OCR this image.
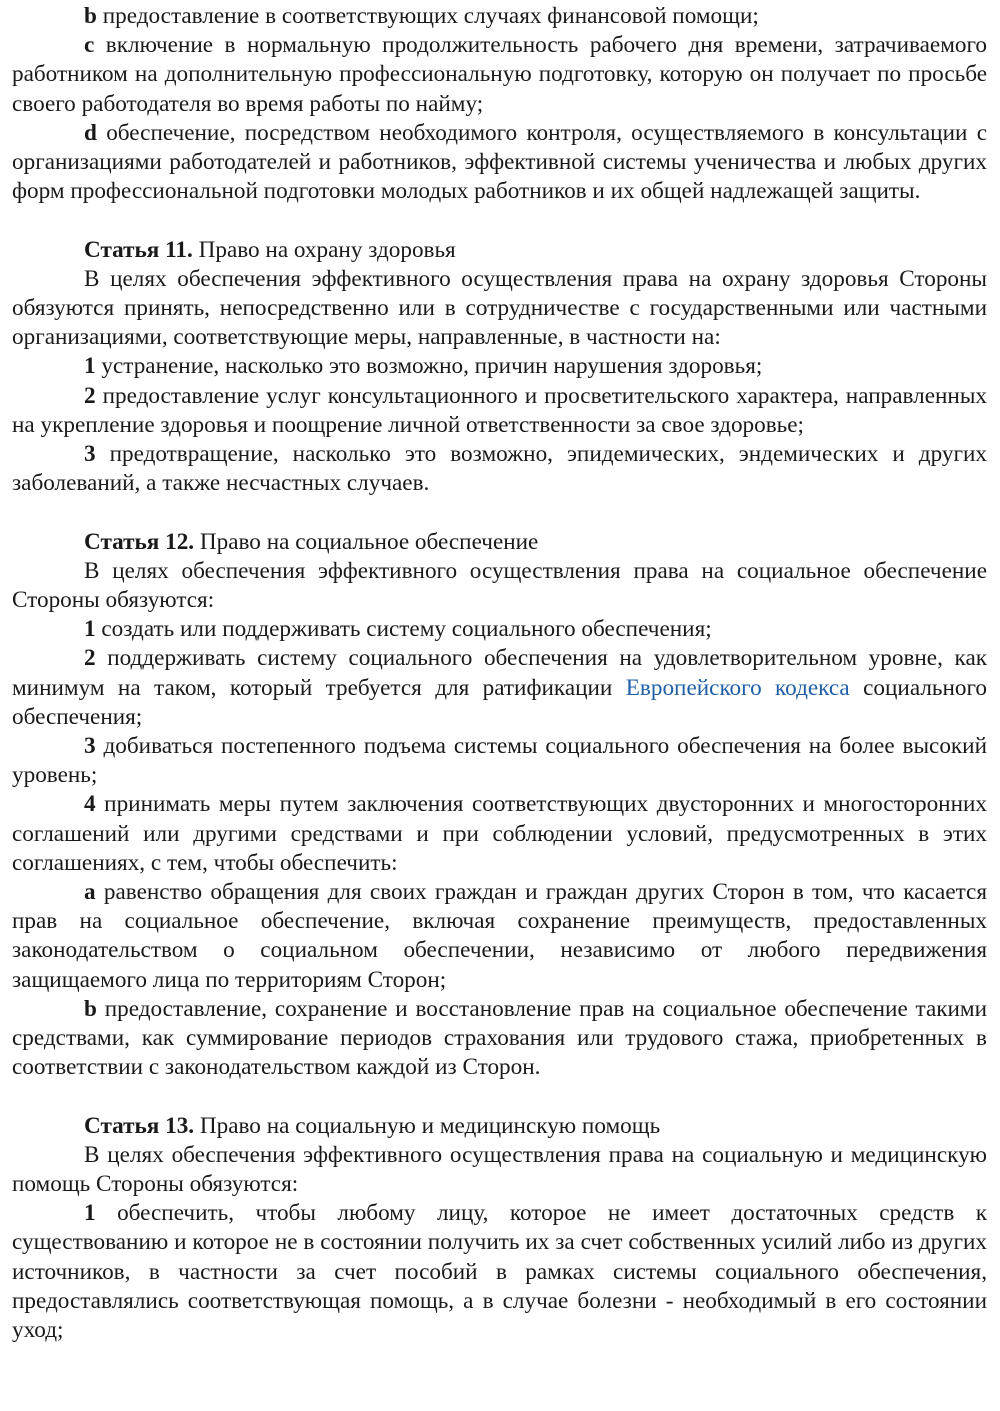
b предоставление в соответствующих случаях финансовой помощи;

c включение в нормальную продолжительность рабочего дня времени, затрачиваемого работником на дополнительную профессиональную подготовку, которую он получает по просьбе своего работодателя во время работы по найму;

d обеспечение, посредством необходимого контроля, осуществляемого в консультации с организациями работодателей и работников, эффективной системы ученичества и любых других форм профессиональной подготовки молодых работников и их общей надлежащей защиты.

Статья 11. Право на охрану здоровья

В целях обеспечения эффективного осуществления права на охрану здоровья Стороны обязуются принять, непосредственно или в сотрудничестве с государственными или частными организациями, соответствующие меры, направленные, в частности на:

1 устранение, насколько это возможно, причин нарушения здоровья;

2 предоставление услуг консультационного и просветительского характера, направленных на укрепление здоровья и поощрение личной ответственности за свое здоровье;

3 предотвращение, насколько это возможно, эпидемических, эндемических и других заболеваний, а также несчастных случаев.

Статья 12. Право на социальное обеспечение

В целях обеспечения эффективного осуществления права на социальное обеспечение Стороны обязуются:

1 создать или поддерживать систему социального обеспечения;

2 поддерживать систему социального обеспечения на удовлетворительном уровне, как минимум на таком, который требуется для ратификации Европейского кодекса социального обеспечения;

3 добиваться постепенного подъема системы социального обеспечения на более высокий уровень;

4 принимать меры путем заключения соответствующих двусторонних и многосторонних соглашений или другими средствами и при соблюдении условий, предусмотренных в этих соглашениях, с тем, чтобы обеспечить:

a равенство обращения для своих граждан и граждан других Сторон в том, что касается прав на социальное обеспечение, включая сохранение преимуществ, предоставленных законодательством о социальном обеспечении, независимо от любого передвижения защищаемого лица по территориям Сторон;

b предоставление, сохранение и восстановление прав на социальное обеспечение такими средствами, как суммирование периодов страхования или трудового стажа, приобретенных в соответствии с законодательством каждой из Сторон.

Статья 13. Право на социальную и медицинскую помощь

В целях обеспечения эффективного осуществления права на социальную и медицинскую помощь Стороны обязуются:

1 обеспечить, чтобы любому лицу, которое не имеет достаточных средств к существованию и которое не в состоянии получить их за счет собственных усилий либо из других источников, в частности за счет пособий в рамках системы социального обеспечения, предоставлялись соответствующая помощь, а в случае болезни - необходимый в его состоянии уход;
